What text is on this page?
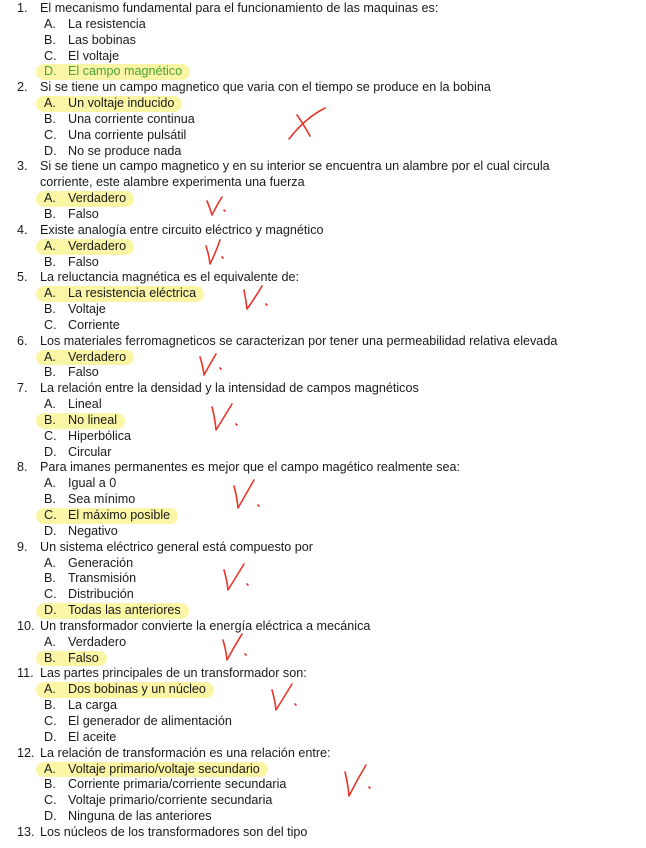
1. El mecanismo fundamental para el funcionamiento de las maquinas es:
A. La resistencia
B. Las bobinas
C. El voltaje
D. El campo magnético
2. Si se tiene un campo magnetico que varia con el tiempo se produce en la bobina
A. Un voltaje inducido
B. Una corriente continua
C. Una corriente pulsátil
D. No se produce nada
3. Si se tiene un campo magnetico y en su interior se encuentra un alambre por el cual circula
corriente, este alambre experimenta una fuerza
A. Verdadero
B. Falso
4. Existe analogía entre circuito eléctrico y magnético
A. Verdadero
B. Falso
5. La reluctancia magnética es el equivalente de:
A. La resistencia eléctrica
B. Voltaje
C. Corriente
6. Los materiales ferromagneticos se caracterizan por tener una permeabilidad relativa elevada
A. Verdadero
B. Falso
7. La relación entre la densidad y la intensidad de campos magnéticos
A. Lineal
B. No lineal
C. Hiperbólica
D. Circular
8. Para imanes permanentes es mejor que el campo magético realmente sea:
A. Igual a 0
B. Sea mínimo
C. El máximo posible
D. Negativo
9. Un sistema eléctrico general está compuesto por
A. Generación
B. Transmisión
C. Distribución
D. Todas las anteriores
10. Un transformador convierte la energía eléctrica a mecánica
A. Verdadero
B. Falso
11. Las partes principales de un transformador son:
A. Dos bobinas y un núcleo
B. La carga
C. El generador de alimentación
D. El aceite
12. La relación de transformación es una relación entre:
A. Voltaje primario/voltaje secundario
B. Corriente primaria/corriente secundaria
C. Voltaje primario/corriente secundaria
D. Ninguna de las anteriores
13. Los núcleos de los transformadores son del tipo
